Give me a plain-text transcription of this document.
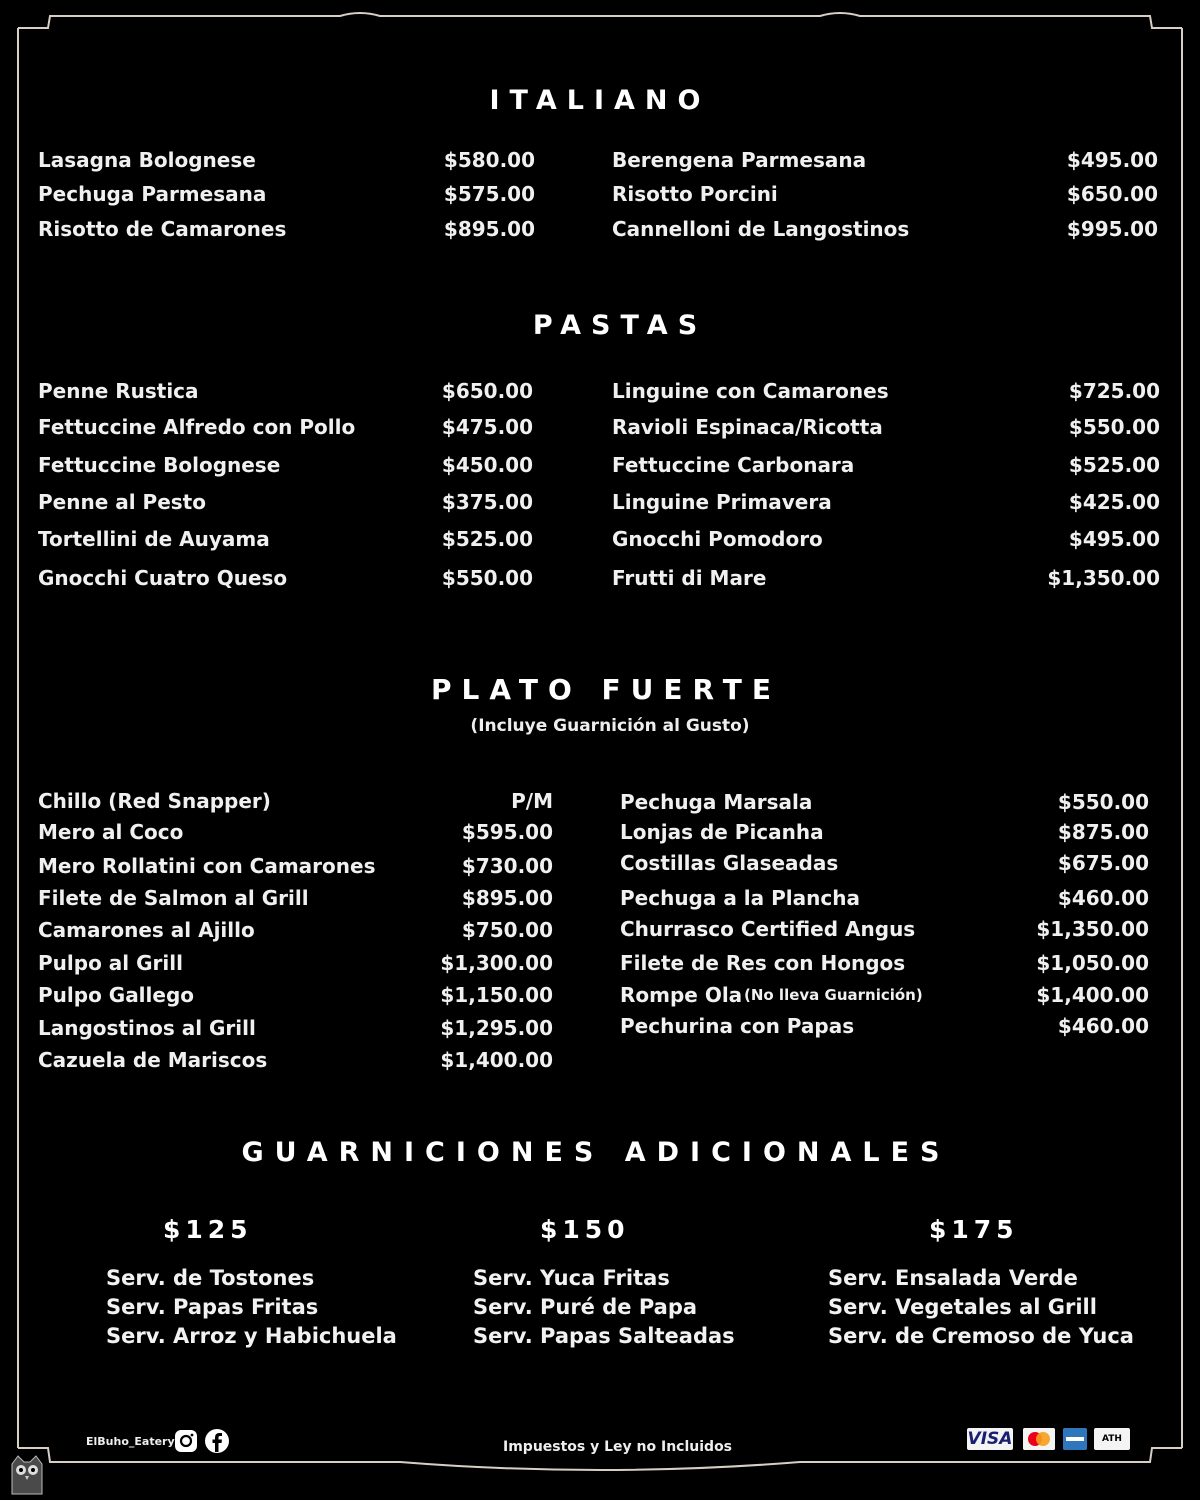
ITALIANO
Lasagna Bolognese	$580.00
Pechuga Parmesana	$575.00
Risotto de Camarones	$895.00
Berengena Parmesana	$495.00
Risotto Porcini	$650.00
Cannelloni de Langostinos	$995.00
PASTAS
Penne Rustica	$650.00
Fettuccine Alfredo con Pollo	$475.00
Fettuccine Bolognese	$450.00
Penne al Pesto	$375.00
Tortellini de Auyama	$525.00
Gnocchi Cuatro Queso	$550.00
Linguine con Camarones	$725.00
Ravioli Espinaca/Ricotta	$550.00
Fettuccine Carbonara	$525.00
Linguine Primavera	$425.00
Gnocchi Pomodoro	$495.00
Frutti di Mare	$1,350.00
PLATO FUERTE
(Incluye Guarnición al Gusto)
Chillo (Red Snapper)	P/M
Mero al Coco	$595.00
Mero Rollatini con Camarones	$730.00
Filete de Salmon al Grill	$895.00
Camarones al Ajillo	$750.00
Pulpo al Grill	$1,300.00
Pulpo Gallego	$1,150.00
Langostinos al Grill	$1,295.00
Cazuela de Mariscos	$1,400.00
Pechuga Marsala	$550.00
Lonjas de Picanha	$875.00
Costillas Glaseadas	$675.00
Pechuga a la Plancha	$460.00
Churrasco Certified Angus	$1,350.00
Filete de Res con Hongos	$1,050.00
Rompe Ola (No lleva Guarnición)	$1,400.00
Pechurina con Papas	$460.00
GUARNICIONES ADICIONALES
$125
Serv. de Tostones
Serv. Papas Fritas
Serv. Arroz y Habichuela
$150
Serv. Yuca Fritas
Serv. Puré de Papa
Serv. Papas Salteadas
$175
Serv. Ensalada Verde
Serv. Vegetales al Grill
Serv. de Cremoso de Yuca
ElBuho_Eatery	Impuestos y Ley no Incluidos	VISA	ATH
